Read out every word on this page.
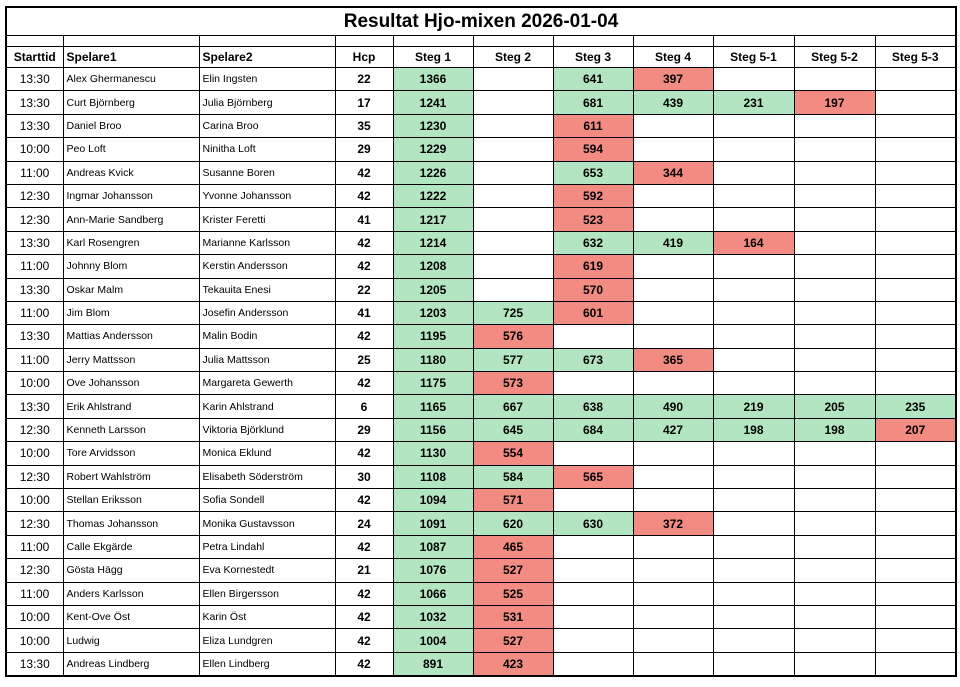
Resultat Hjo-mixen 2026-01-04										

Starttid	Spelare1	Spelare2	Hcp	Steg 1	Steg 2	Steg 3	Steg 4	Steg 5-1	Steg 5-2	Steg 5-3
13:30	Alex Ghermanescu	Elin Ingsten	22	1366		641	397			
13:30	Curt Björnberg	Julia Björnberg	17	1241		681	439	231	197	
13:30	Daniel Broo	Carina Broo	35	1230		611				
10:00	Peo Loft	Ninitha Loft	29	1229		594				
11:00	Andreas Kvick	Susanne Boren	42	1226		653	344			
12:30	Ingmar Johansson	Yvonne Johansson	42	1222		592				
12:30	Ann-Marie Sandberg	Krister Feretti	41	1217		523				
13:30	Karl Rosengren	Marianne Karlsson	42	1214		632	419	164		
11:00	Johnny Blom	Kerstin Andersson	42	1208		619				
13:30	Oskar Malm	Tekauita Enesi	22	1205		570				
11:00	Jim Blom	Josefin Andersson	41	1203	725	601				
13:30	Mattias Andersson	Malin Bodin	42	1195	576					
11:00	Jerry Mattsson	Julia Mattsson	25	1180	577	673	365			
10:00	Ove Johansson	Margareta Gewerth	42	1175	573					
13:30	Erik Ahlstrand	Karin Ahlstrand	6	1165	667	638	490	219	205	235
12:30	Kenneth Larsson	Viktoria Björklund	29	1156	645	684	427	198	198	207
10:00	Tore Arvidsson	Monica Eklund	42	1130	554					
12:30	Robert Wahlström	Elisabeth Söderström	30	1108	584	565				
10:00	Stellan Eriksson	Sofia Sondell	42	1094	571					
12:30	Thomas Johansson	Monika Gustavsson	24	1091	620	630	372			
11:00	Calle Ekgärde	Petra Lindahl	42	1087	465					
12:30	Gösta Hägg	Eva Kornestedt	21	1076	527					
11:00	Anders Karlsson	Ellen Birgersson	42	1066	525					
10:00	Kent-Ove Öst	Karin Öst	42	1032	531					
10:00	Ludwig	Eliza Lundgren	42	1004	527					
13:30	Andreas Lindberg	Ellen Lindberg	42	891	423					
